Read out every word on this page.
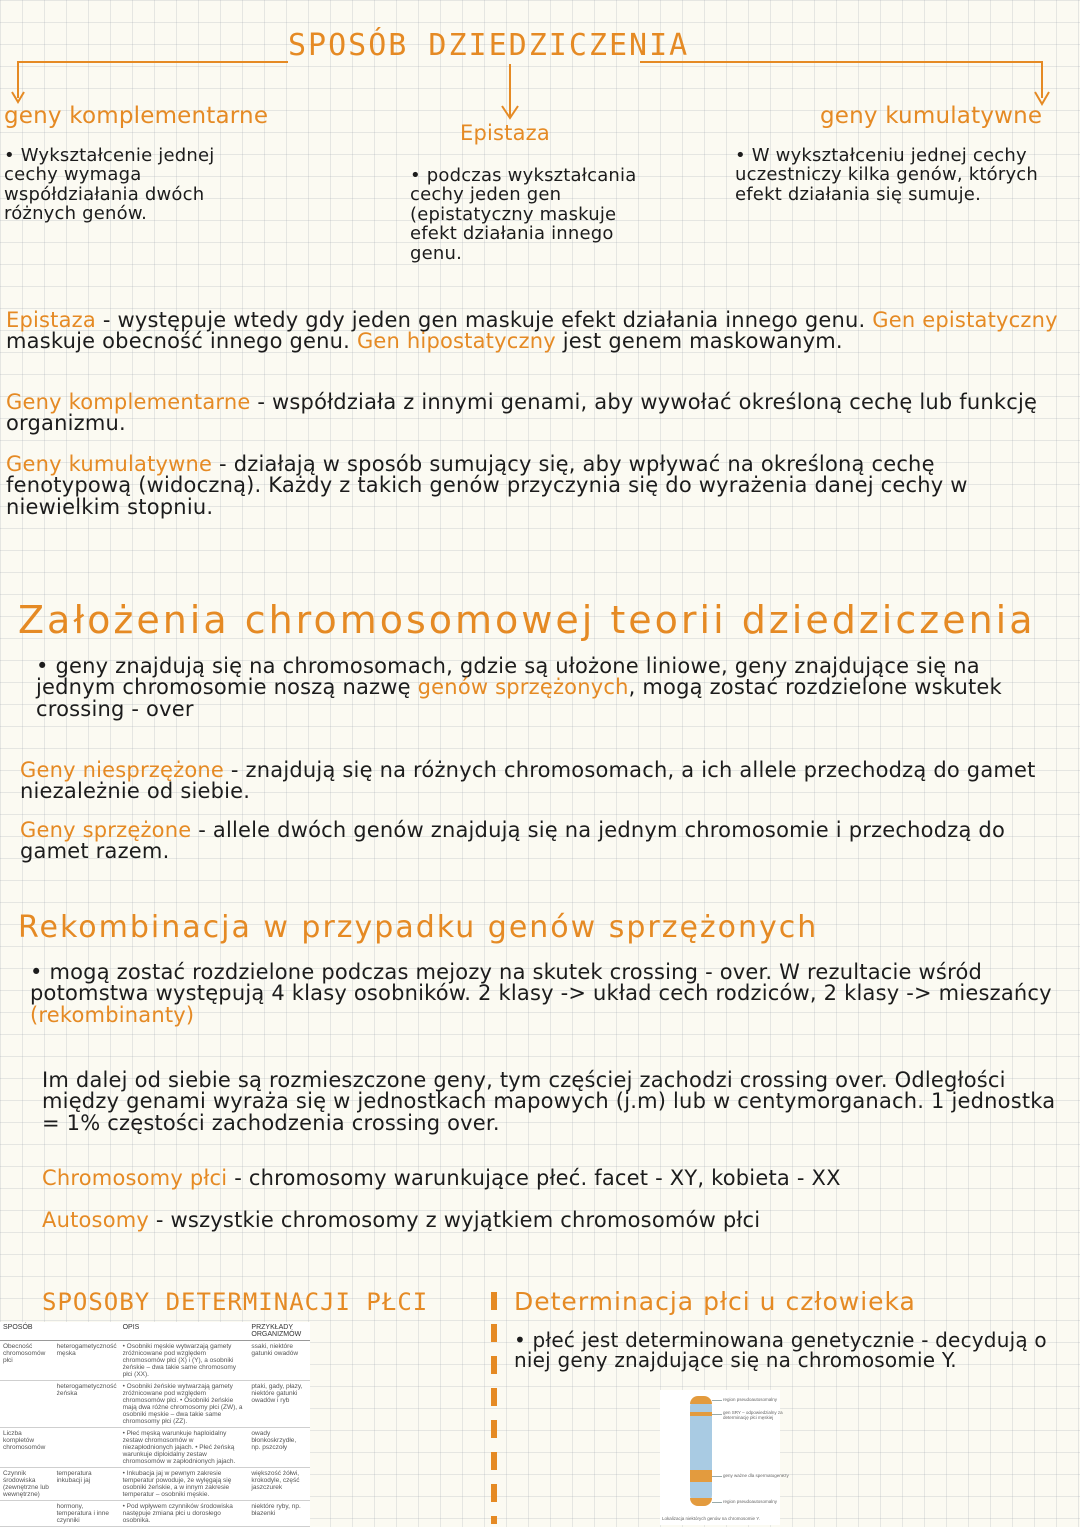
SPOSÓB DZIEDZICZENIA
geny komplementarne
• Wykształcenie jednej cechy wymaga współdziałania dwóch różnych genów.
Epistaza
• podczas wykształcania cechy jeden gen (epistatyczny maskuje efekt działania innego genu.
geny kumulatywne
• W wykształceniu jednej cechy uczestniczy kilka genów, których efekt działania się sumuje.
Epistaza - występuje wtedy gdy jeden gen maskuje efekt działania innego genu. Gen epistatyczny maskuje obecność innego genu. Gen hipostatyczny jest genem maskowanym.
Geny komplementarne - współdziała z innymi genami, aby wywołać określoną cechę lub funkcję organizmu.
Geny kumulatywne - działają w sposób sumujący się, aby wpływać na określoną cechę fenotypową (widoczną). Każdy z takich genów przyczynia się do wyrażenia danej cechy w niewielkim stopniu.
Założenia chromosomowej teorii dziedziczenia
• geny znajdują się na chromosomach, gdzie są ułożone liniowe, geny znajdujące się na jednym chromosomie noszą nazwę genów sprzężonych, mogą zostać rozdzielone wskutek crossing - over
Geny niesprzężone - znajdują się na różnych chromosomach, a ich allele przechodzą do gamet niezależnie od siebie.
Geny sprzężone - allele dwóch genów znajdują się na jednym chromosomie i przechodzą do gamet razem.
Rekombinacja w przypadku genów sprzężonych
• mogą zostać rozdzielone podczas mejozy na skutek crossing - over. W rezultacie wśród potomstwa występują 4 klasy osobników. 2 klasy -> układ cech rodziców, 2 klasy -> mieszańcy (rekombinanty)
Im dalej od siebie są rozmieszczone geny, tym częściej zachodzi crossing over. Odległości między genami wyraża się w jednostkach mapowych (j.m) lub w centymorganach. 1 jednostka = 1% częstości zachodzenia crossing over.
Chromosomy płci - chromosomy warunkujące płeć. facet - XY, kobieta - XX
Autosomy - wszystkie chromosomy z wyjątkiem chromosomów płci
SPOSOBY DETERMINACJI PŁCI	Determinacja płci u człowieka
• płeć jest determinowana genetycznie - decydują o niej geny znajdujące się na chromosomie Y.
SPOSÓB		OPIS	PRZYKŁADY ORGANIZMÓW
Obecność chromosomów płci	heterogametyczność męska	• Osobniki męskie wytwarzają gamety zróżnicowane pod względem chromosomów płci (X) i (Y), a osobniki żeńskie – dwa takie same chromosomy płci (XX).	ssaki, niektóre gatunki owadów
	heterogametyczność żeńska	• Osobniki żeńskie wytwarzają gamety zróżnicowane pod względem chromosomów płci. • Osobniki żeńskie mają dwa różne chromosomy płci (ZW), a osobniki męskie – dwa takie same chromosomy płci (ZZ).	ptaki, gady, płazy, niektóre gatunki owadów i ryb
Liczba kompletów chromosomów		• Płeć męską warunkuje haploidalny zestaw chromosomów w niezapłodnionych jajach. • Płeć żeńską warunkuje diploidalny zestaw chromosomów w zapłodnionych jajach.	owady błonkoskrzydłe, np. pszczoły
Czynnik środowiska (zewnętrzne lub wewnętrzne)	temperatura inkubacji jaj	• Inkubacja jaj w pewnym zakresie temperatur powoduje, że wylęgają się osobniki żeńskie, a w innym zakresie temperatur – osobniki męskie.	większość żółwi, krokodyle, część jaszczurek
	hormony, temperatura i inne czynniki	• Pod wpływem czynników środowiska następuje zmiana płci u dorosłego osobnika.	niektóre ryby, np. błazenki
region pseudoautosomalny
gen SRY – odpowiedzialny za determinację płci męskiej
geny ważne dla spermatogenezy
region pseudoautosomalny
Lokalizacja niektórych genów na chromosomie Y.
